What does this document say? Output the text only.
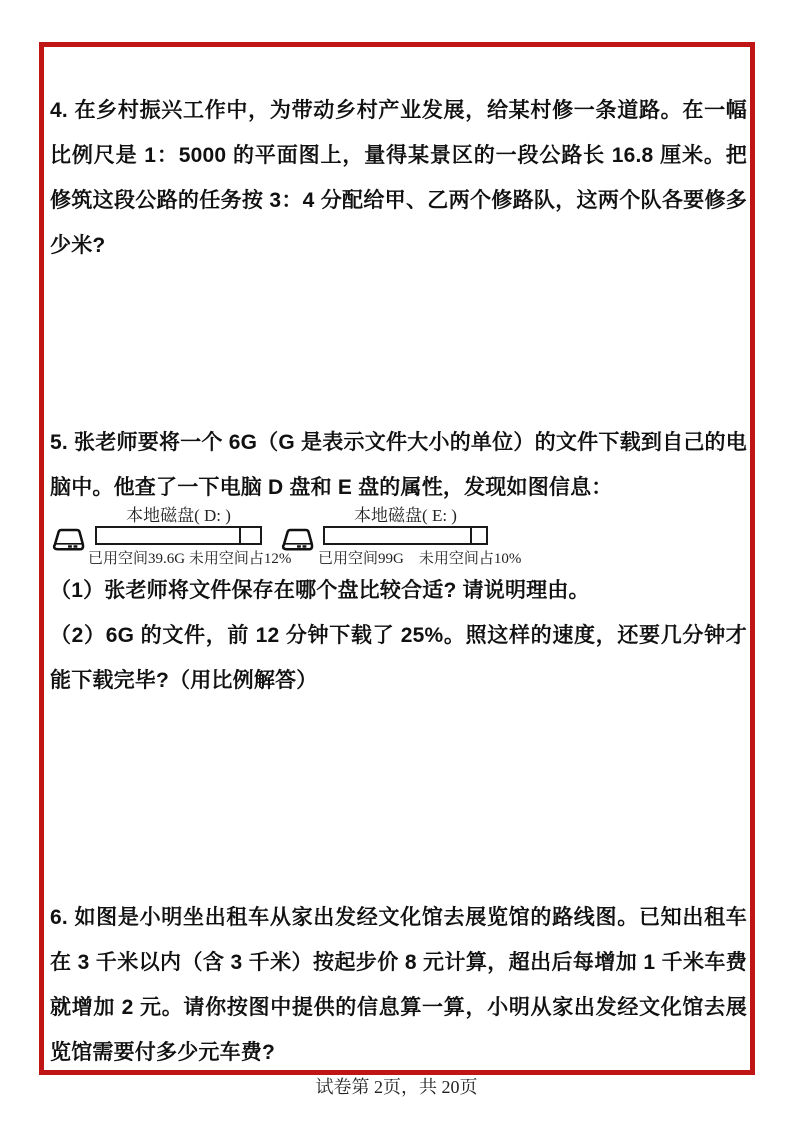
4. 在乡村振兴工作中，为带动乡村产业发展，给某村修一条道路。在一幅比例尺是 1：5000 的平面图上，量得某景区的一段公路长 16.8 厘米。把修筑这段公路的任务按 3：4 分配给甲、乙两个修路队，这两个队各要修多少米?

5. 张老师要将一个 6G（G 是表示文件大小的单位）的文件下载到自己的电脑中。他查了一下电脑 D 盘和 E 盘的属性，发现如图信息：

本地磁盘( D: )
已用空间39.6G 未用空间占12%
本地磁盘( E: )
已用空间99G　未用空间占10%

（1）张老师将文件保存在哪个盘比较合适? 请说明理由。

（2）6G 的文件，前 12 分钟下载了 25%。照这样的速度，还要几分钟才能下载完毕?（用比例解答）

6. 如图是小明坐出租车从家出发经文化馆去展览馆的路线图。已知出租车在 3 千米以内（含 3 千米）按起步价 8 元计算，超出后每增加 1 千米车费就增加 2 元。请你按图中提供的信息算一算，小明从家出发经文化馆去展览馆需要付多少元车费?

试卷第 2页，共 20页
